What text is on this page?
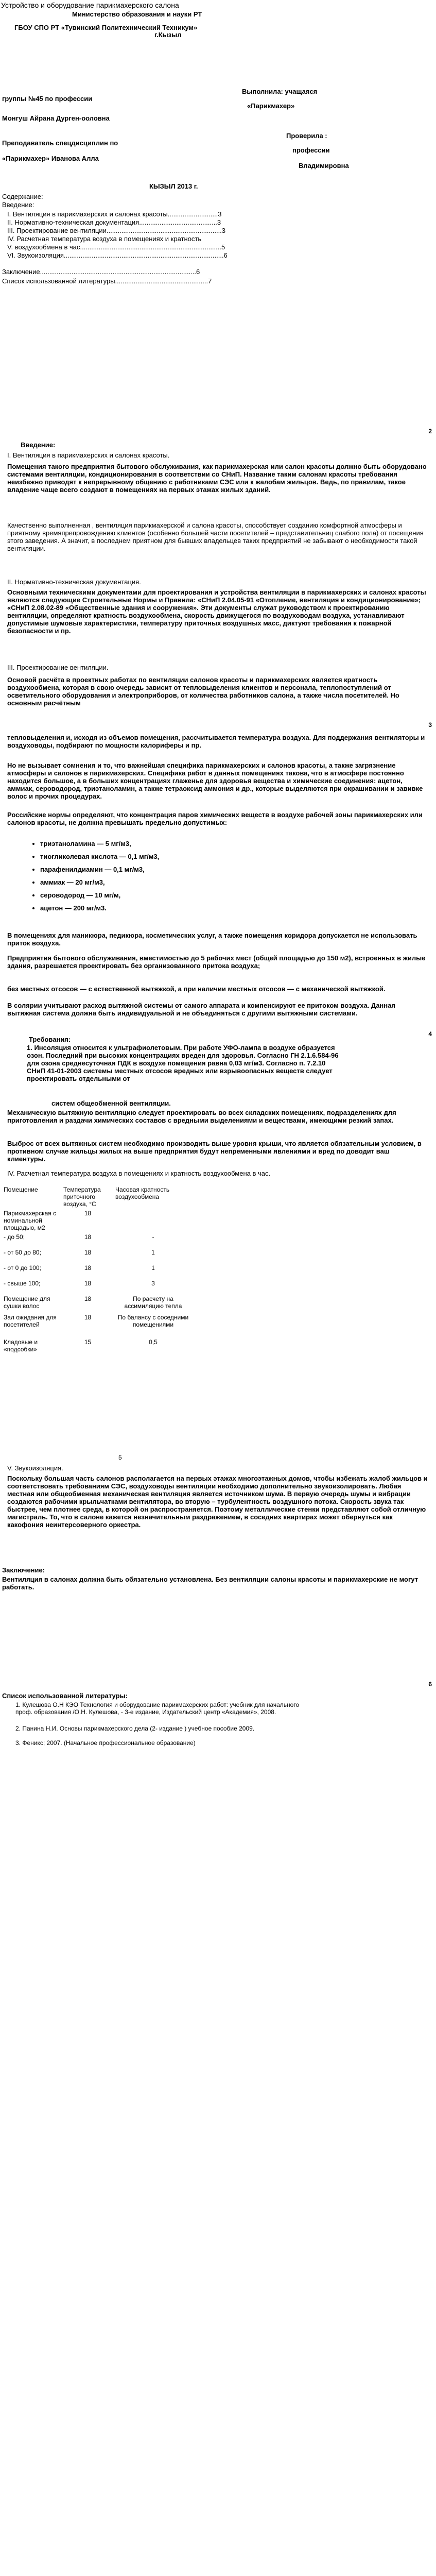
Устройство и оборудование парикмахерского салона
Министерство образования и науки РТ
ГБОУ СПО РТ «Тувинский Политехнический Техникум»
г.Кызыл
Выполнила: учащаяся
группы №45 по профессии
«Парикмахер»
Монгуш Айрана Дурген-ооловна
Проверила :
Преподаватель спецдисциплин по
профессии
«Парикмахер» Иванова Алла
Владимировна
КЫЗЫЛ 2013 г.
Содержание:
Введение:
I. Вентиляция в парикмахерских и салонах красоты...........................3
II. Нормативно-техническая документация..........................................3
III. Проектирование вентиляции..............................................................3
IV. Расчетная температура воздуха в помещениях и кратность
V. воздухообмена в час............................................................................5
VI. Звукоизоляция......................................................................................6
Заключение....................................................................................6
Список использованной литературы..................................................7
2
Введение:
I. Вентиляция в парикмахерских и салонах красоты.
Помещения такого предприятия бытового обслуживания, как парикмахерская или салон красоты должно быть оборудовано системами вентиляции, кондиционирования в соответствии со СНиП. Название таким салонам красоты требования неизбежно приводят к непрерывному общению с работниками СЭС или к жалобам жильцов. Ведь, по правилам, такое владение чаще всего создают в помещениях на первых этажах жилых зданий.
Качественно выполненная , вентиляция парикмахерской и салона красоты, способствует созданию комфортной атмосферы и приятному времяпрепровождению клиентов (особенно большей части посетителей – представительниц слабого пола) от посещения этого заведения. А значит, в последнем приятном для бывших владельцев таких предприятий не забывают о необходимости такой вентиляции.
II. Нормативно-техническая документация.
Основными техническими документами для проектирования и устройства вентиляции в парикмахерских и салонах красоты являются следующие Строительные Нормы и Правила: «СНиП 2.04.05-91 «Отопление, вентиляция и кондиционирование»; «СНиП 2.08.02-89 «Общественные здания и сооружения». Эти документы служат руководством к проектированию вентиляции, определяют кратность воздухообмена, скорость движущегося по воздуховодам воздуха, устанавливают допустимые шумовые характеристики, температуру приточных воздушных масс, диктуют требования к пожарной безопасности и пр.
III. Проектирование вентиляции.
Основой расчёта в проектных работах по вентиляции салонов красоты и парикмахерских является кратность воздухообмена, которая в свою очередь зависит от тепловыделения клиентов и персонала, теплопоступлений от осветительного оборудования и электроприборов, от количества работников салона, а также числа посетителей. Но основным расчётным
3
тепловыделения и, исходя из объемов помещения, рассчитывается температура воздуха. Для поддержания вентиляторы и воздуховоды, подбирают по мощности калориферы и пр.
Но не вызывает сомнения и то, что важнейшая специфика парикмахерских и салонов красоты, а также загрязнение атмосферы и салонов в парикмахерских. Специфика работ в данных помещениях такова, что в атмосфере постоянно находится большое, а в больших концентрациях глаженье для здоровья вещества и химические соединения: ацетон, аммиак, сероводород, триэтаноламин, а также тетраоксид аммония и др., которые выделяются при окрашивании и завивке волос и прочих процедурах.
Российские нормы определяют, что концентрация паров химических веществ в воздухе рабочей зоны парикмахерских или салонов красоты, не должна превышать предельно допустимых:
• триэтаноламина — 5 мг/м3,
• тиогликолевая кислота — 0,1 мг/м3,
• парафенилдиамин — 0,1 мг/м3,
• аммиак — 20 мг/м3,
• сероводород — 10 мг/м,
• ацетон — 200 мг/м3.
В помещениях для маникюра, педикюра, косметических услуг, а также помещения коридора допускается не использовать приток воздуха.
Предприятия бытового обслуживания, вместимостью до 5 рабочих мест (общей площадью до 150 м2), встроенных в жилые здания, разрешается проектировать без организованного притока воздуха;
без местных отсосов — с естественной вытяжкой, а при наличии местных отсосов — с механической вытяжкой.
В солярии учитывают расход вытяжной системы от самого аппарата и компенсируют ее притоком воздуха. Данная вытяжная система должна быть индивидуальной и не объединяться с другими вытяжными системами.
4
Требования:
1. Инсоляция относится к ультрафиолетовым. При работе УФО-лампа в воздухе образуется озон. Последний при высоких концентрациях вреден для здоровья. Согласно ГН 2.1.6.584-96 для озона среднесуточная ПДК в воздухе помещения равна 0,03 мг/м3. Согласно п. 7.2.10 СНиП 41-01-2003 системы местных отсосов вредных или взрывоопасных веществ следует проектировать отдельными от
систем общеобменной вентиляции.
Механическую вытяжную вентиляцию следует проектировать во всех складских помещениях, подразделениях для приготовления и раздачи химических составов с вредными выделениями и веществами, имеющими резкий запах.
Выброс от всех вытяжных систем необходимо производить выше уровня крыши, что является обязательным условием, в противном случае жильцы жилых на выше предприятия будут непременными явлениями и вред по доводит ваш клиентуры.
IV. Расчетная температура воздуха в помещениях и кратность воздухообмена в час.
Помещение	Температура приточного воздуха, °С	Часовая кратность воздухообмена
Парикмахерская с номинальной площадью, м2	18	
- до 50;	18	-
- от 50 до 80;	18	1
- от 0 до 100;	18	1
- свыше 100;	18	3
Помещение для сушки волос	18	По расчету на ассимиляцию тепла
Зал ожидания для посетителей	18	По балансу с соседними помещениями
Кладовые и «подсобки»	15	0,5
5
V. Звукоизоляция.
Поскольку большая часть салонов располагается на первых этажах многоэтажных домов, чтобы избежать жалоб жильцов и соответствовать требованиям СЭС, воздуховоды вентиляции необходимо дополнительно звукоизолировать. Любая местная или общеобменная механическая вентиляция является источником шума. В первую очередь шумы и вибрации создаются рабочими крыльчатками вентилятора, во вторую – турбулентность воздушного потока. Скорость звука так быстрее, чем плотнее среда, в которой он распространяется. Поэтому металлические стенки представляют собой отличную магистраль. То, что в салоне кажется незначительным раздражением, в соседних квартирах может обернуться как какофония неинтерсоверного оркестра.
Заключение:
Вентиляция в салонах должна быть обязательно установлена. Без вентиляции салоны красоты и парикмахерские не могут работать.
6
Список использованной литературы:
1. Кулешова О.Н КЭО Технология и оборудование парикмахерских работ: учебник для начального проф. образования /О.Н. Кулешова, - 3-е издание, Издательский центр «Академия», 2008.
2. Панина Н.И. Основы парикмахерского дела (2- издание ) учебное пособие 2009.
3. Феникс; 2007. (Начальное профессиональное образование)
